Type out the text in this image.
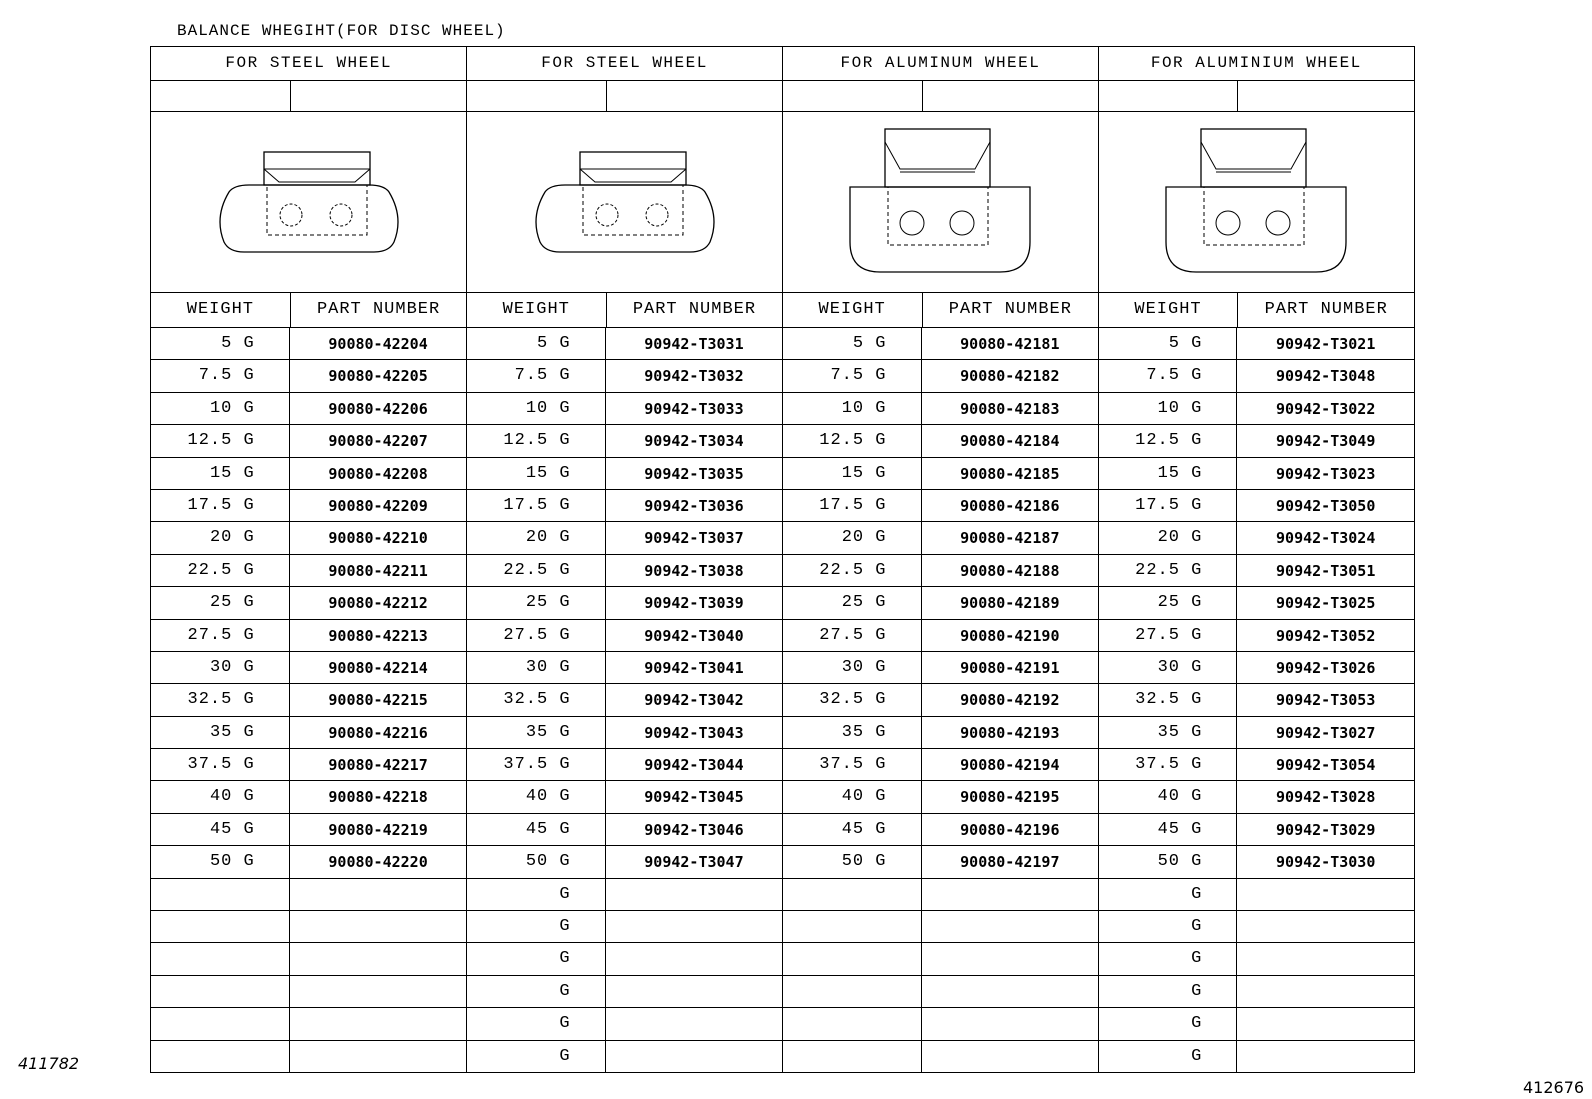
BALANCE WHEGIHT(FOR DISC WHEEL)
FOR STEEL WHEEL
WEIGHT	PART NUMBER
5 G	90080-42204
7.5 G	90080-42205
10 G	90080-42206
12.5 G	90080-42207
15 G	90080-42208
17.5 G	90080-42209
20 G	90080-42210
22.5 G	90080-42211
25 G	90080-42212
27.5 G	90080-42213
30 G	90080-42214
32.5 G	90080-42215
35 G	90080-42216
37.5 G	90080-42217
40 G	90080-42218
45 G	90080-42219
50 G	90080-42220
FOR STEEL WHEEL
WEIGHT	PART NUMBER
5 G	90942-T3031
7.5 G	90942-T3032
10 G	90942-T3033
12.5 G	90942-T3034
15 G	90942-T3035
17.5 G	90942-T3036
20 G	90942-T3037
22.5 G	90942-T3038
25 G	90942-T3039
27.5 G	90942-T3040
30 G	90942-T3041
32.5 G	90942-T3042
35 G	90942-T3043
37.5 G	90942-T3044
40 G	90942-T3045
45 G	90942-T3046
50 G	90942-T3047
G
G
G
G
G
G
FOR ALUMINUM WHEEL
WEIGHT	PART NUMBER
5 G	90080-42181
7.5 G	90080-42182
10 G	90080-42183
12.5 G	90080-42184
15 G	90080-42185
17.5 G	90080-42186
20 G	90080-42187
22.5 G	90080-42188
25 G	90080-42189
27.5 G	90080-42190
30 G	90080-42191
32.5 G	90080-42192
35 G	90080-42193
37.5 G	90080-42194
40 G	90080-42195
45 G	90080-42196
50 G	90080-42197
FOR ALUMINIUM WHEEL
WEIGHT	PART NUMBER
5 G	90942-T3021
7.5 G	90942-T3048
10 G	90942-T3022
12.5 G	90942-T3049
15 G	90942-T3023
17.5 G	90942-T3050
20 G	90942-T3024
22.5 G	90942-T3051
25 G	90942-T3025
27.5 G	90942-T3052
30 G	90942-T3026
32.5 G	90942-T3053
35 G	90942-T3027
37.5 G	90942-T3054
40 G	90942-T3028
45 G	90942-T3029
50 G	90942-T3030
G
G
G
G
G
G
411782
412676
